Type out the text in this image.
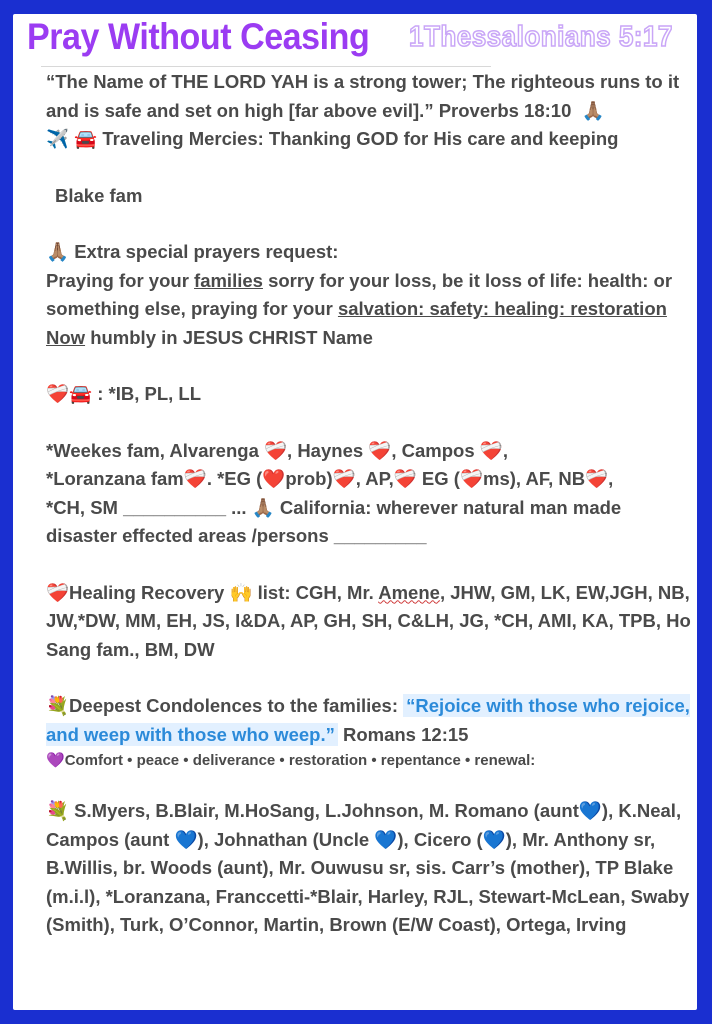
Pray Without Ceasing 1Thessalonians 5:17

“The Name of THE LORD YAH is a strong tower; The righteous runs to it and is safe and set on high [far above evil].” Proverbs 18:10 🙏🏽

✈️ 🚘 Traveling Mercies: Thanking GOD for His care and keeping

Blake fam

🙏🏽 Extra special prayers request:

Praying for your families sorry for your loss, be it loss of life: health: or something else, praying for your salvation: safety: healing: restoration Now humbly in JESUS CHRIST Name

❤️‍🩹🚘 : *IB, PL, LL

*Weekes fam, Alvarenga ❤️‍🩹, Haynes ❤️‍🩹, Campos ❤️‍🩹,
*Loranzana fam❤️‍🩹. *EG (❤️prob)❤️‍🩹, AP,❤️‍🩹 EG (❤️‍🩹ms), AF, NB❤️‍🩹,
*CH, SM __________ ... 🙏🏽 California: wherever natural man made disaster effected areas /persons _________

❤️‍🩹Healing Recovery 🙌 list: CGH, Mr. Amene, JHW, GM, LK, EW,JGH, NB, JW,*DW, MM, EH, JS, I&DA, AP, GH, SH, C&LH, JG, *CH, AMI, KA, TPB, Ho Sang fam., BM, DW

💐Deepest Condolences to the families: “Rejoice with those who rejoice, and weep with those who weep.” Romans 12:15

💜Comfort • peace • deliverance • restoration • repentance • renewal:

💐 S.Myers, B.Blair, M.HoSang, L.Johnson, M. Romano (aunt💙), K.Neal, Campos (aunt 💙), Johnathan (Uncle 💙), Cicero (💙), Mr. Anthony sr, B.Willis, br. Woods (aunt), Mr. Ouwusu sr, sis. Carr’s (mother), TP Blake (m.i.l), *Loranzana, Franccetti-*Blair, Harley, RJL, Stewart-McLean, Swaby (Smith), Turk, O’Connor, Martin, Brown (E/W Coast), Ortega, Irving
